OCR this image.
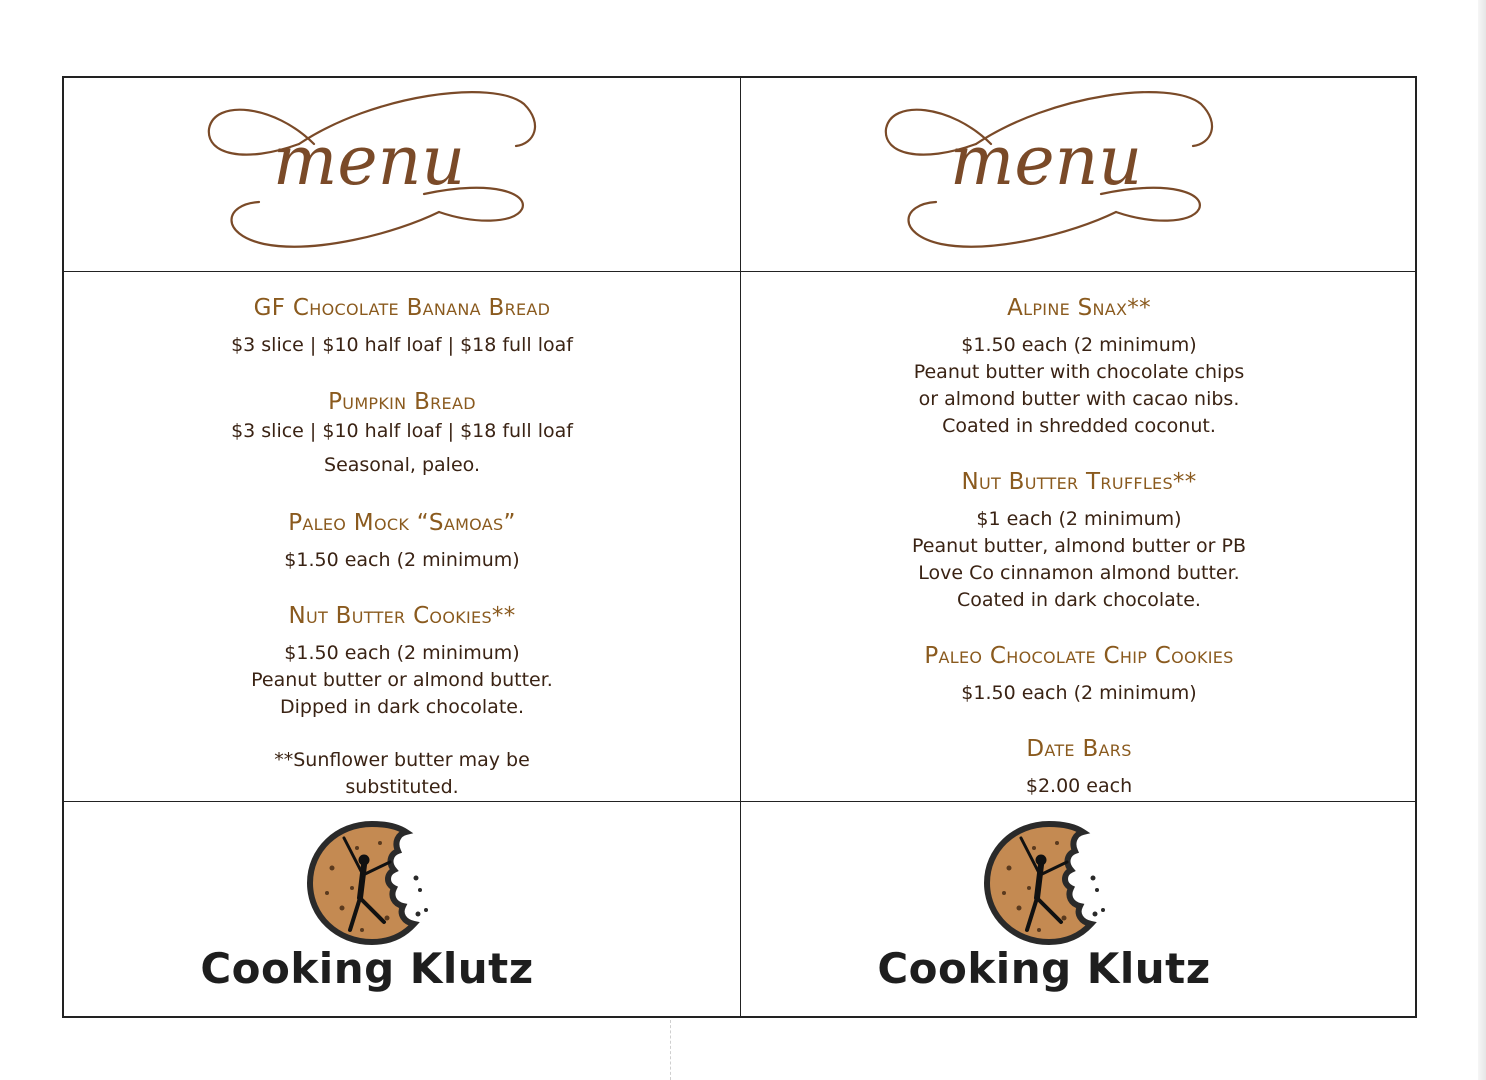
menu

GF Chocolate Banana Bread

$3 slice | $10 half loaf | $18 full loaf

Pumpkin Bread

$3 slice | $10 half loaf | $18 full loaf

Seasonal, paleo.

Paleo Mock “Samoas”

$1.50 each (2 minimum)

Nut Butter Cookies**

$1.50 each (2 minimum)

Peanut butter or almond butter.

Dipped in dark chocolate.

**Sunflower butter may be

substituted.

Cooking Klutz
menu

Alpine Snax**

$1.50 each (2 minimum)

Peanut butter with chocolate chips

or almond butter with cacao nibs.

Coated in shredded coconut.

Nut Butter Truffles**

$1 each (2 minimum)

Peanut butter, almond butter or PB

Love Co cinnamon almond butter.

Coated in dark chocolate.

Paleo Chocolate Chip Cookies

$1.50 each (2 minimum)

Date Bars

$2.00 each

Cooking Klutz
